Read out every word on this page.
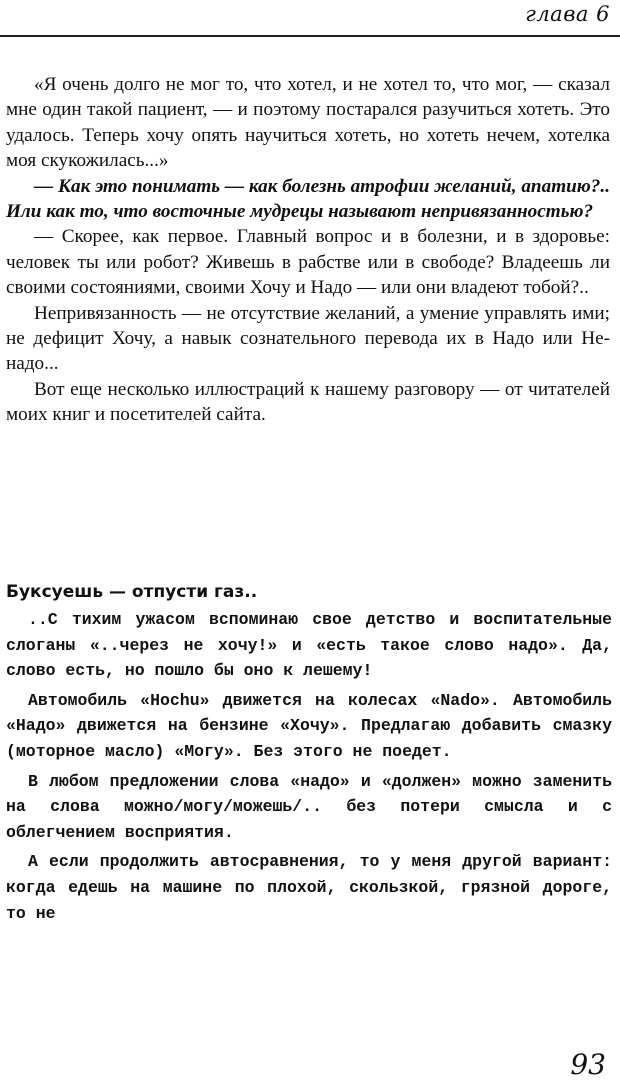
глава 6

«Я очень долго не мог то, что хотел, и не хотел то, что мог, — сказал мне один такой пациент, — и поэтому постарался разучиться хотеть. Это удалось. Теперь хочу опять научиться хотеть, но хотеть нечем, хотелка моя скукожилась...»

— Как это понимать — как болезнь атрофии желаний, апатию?.. Или как то, что восточные мудрецы называют непривязанностью?

— Скорее, как первое. Главный вопрос и в болезни, и в здоровье: человек ты или робот? Живешь в рабстве или в свободе? Владеешь ли своими состояниями, своими Хочу и Надо — или они владеют тобой?..

Непривязанность — не отсутствие желаний, а умение управлять ими; не дефицит Хочу, а навык сознательного перевода их в Надо или Не-надо...

Вот еще несколько иллюстраций к нашему разговору — от читателей моих книг и посетителей сайта.

Буксуешь — отпусти газ..

..С тихим ужасом вспоминаю свое детство и воспитательные слоганы «..через не хочу!» и «есть такое слово надо». Да, слово есть, но пошло бы оно к лешему!

Автомобиль «Hochu» движется на колесах «Nado». Автомобиль «Надо» движется на бензине «Хочу». Предлагаю добавить смазку (моторное масло) «Могу». Без этого не поедет.

В любом предложении слова «надо» и «должен» можно заменить на слова можно/могу/можешь/.. без потери смысла и с облегчением восприятия.

А если продолжить автосравнения, то у меня другой вариант: когда едешь на машине по плохой, скользкой, грязной дороге, то не

93
